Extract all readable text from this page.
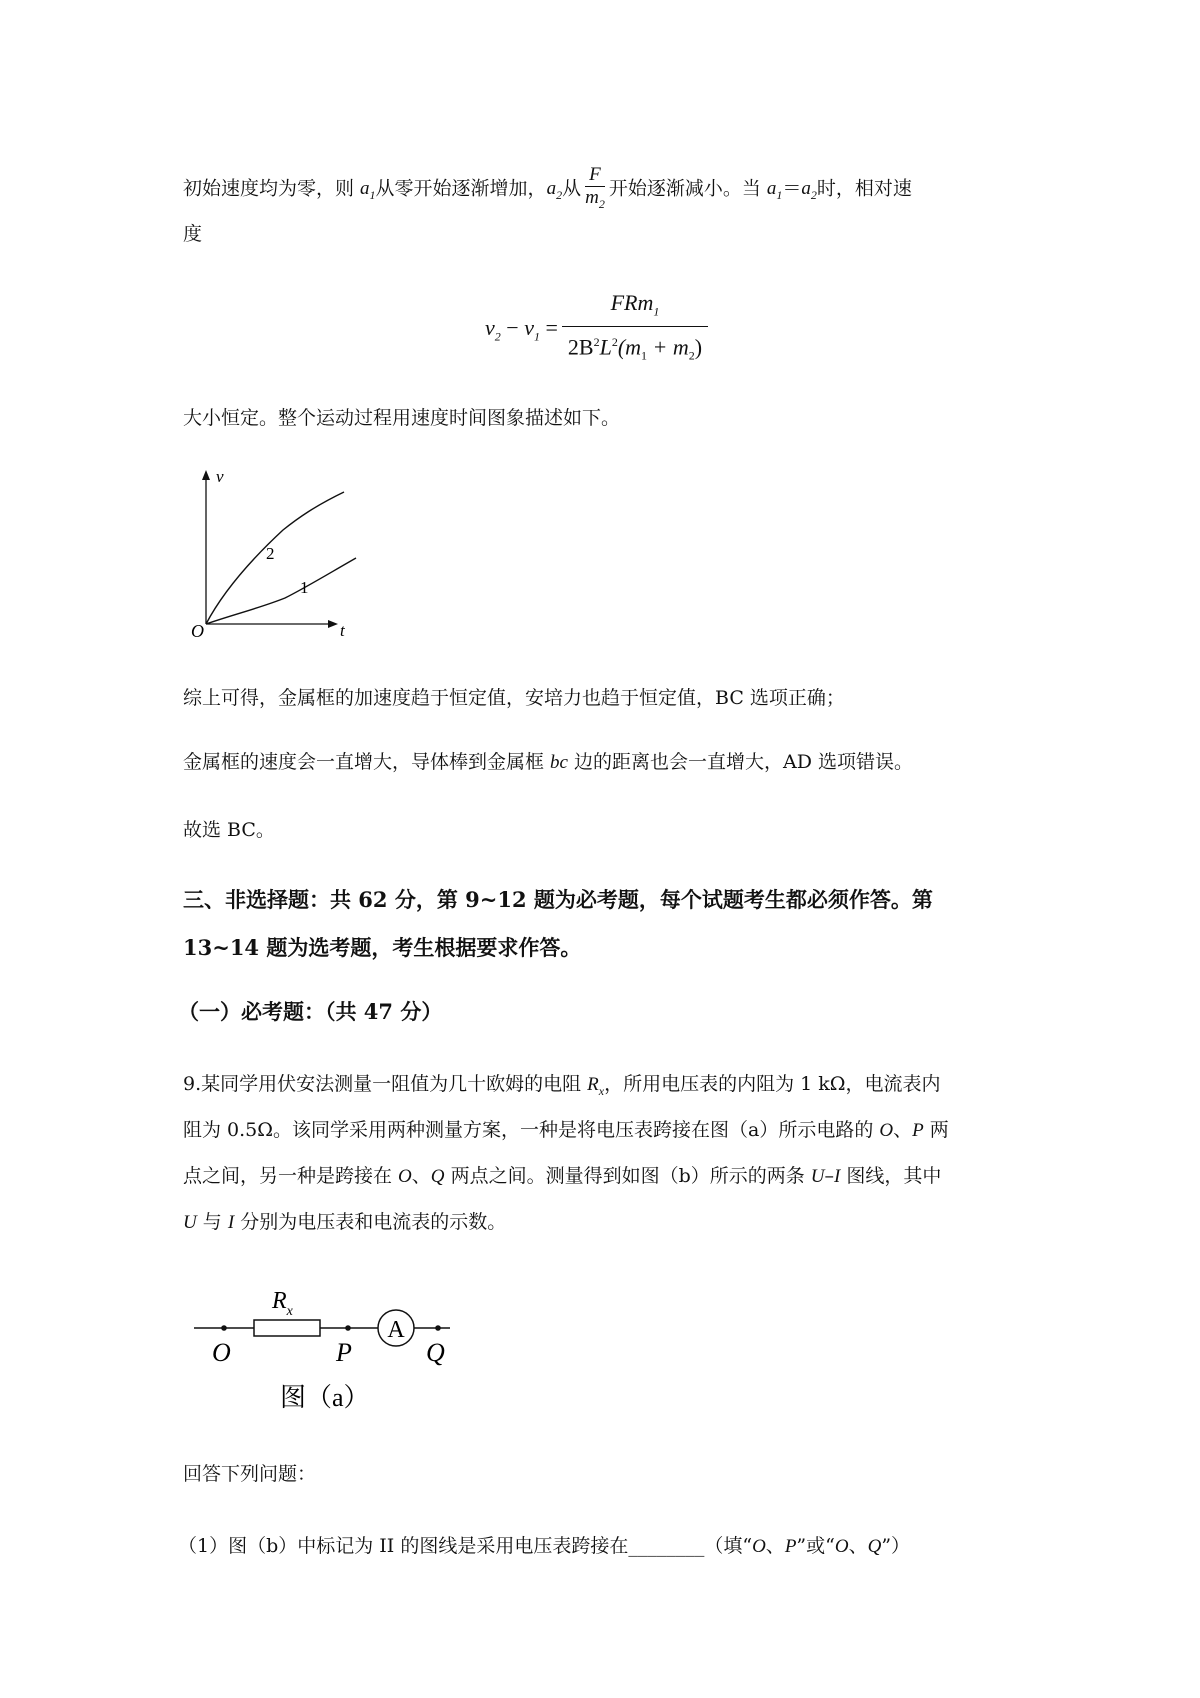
初始速度均为零，则 $a_1$从零开始逐渐增加，$a_2$从 $\frac{F}{m_2}$ 开始逐渐减小。当 $a_1=a_2$时，相对速
度
$v_2 - v_1 = \frac{FRm_1}{2B^2L^2(m_1 + m_2)}$
大小恒定。整个运动过程用速度时间图象描述如下。
v
t
O
2
1
综上可得，金属框的加速度趋于恒定值，安培力也趋于恒定值，BC 选项正确；
金属框的速度会一直增大，导体棒到金属框 bc 边的距离也会一直增大，AD 选项错误。
故选 BC。
三、非选择题：共 62 分，第 9~12 题为必考题，每个试题考生都必须作答。第
13~14 题为选考题，考生根据要求作答。
（一）必考题：（共 47 分）
9.某同学用伏安法测量一阻值为几十欧姆的电阻 $R_x$，所用电压表的内阻为 1 kΩ，电流表内
阻为 0.5Ω。该同学采用两种测量方案，一种是将电压表跨接在图（a）所示电路的 O、P 两
点之间，另一种是跨接在 O、Q 两点之间。测量得到如图（b）所示的两条 U–I 图线，其中
U 与 I 分别为电压表和电流表的示数。
A
$R_x$
O	P	Q
图（a）
回答下列问题：
（1）图（b）中标记为 II 的图线是采用电压表跨接在________（填“O、P”或“O、Q”）
